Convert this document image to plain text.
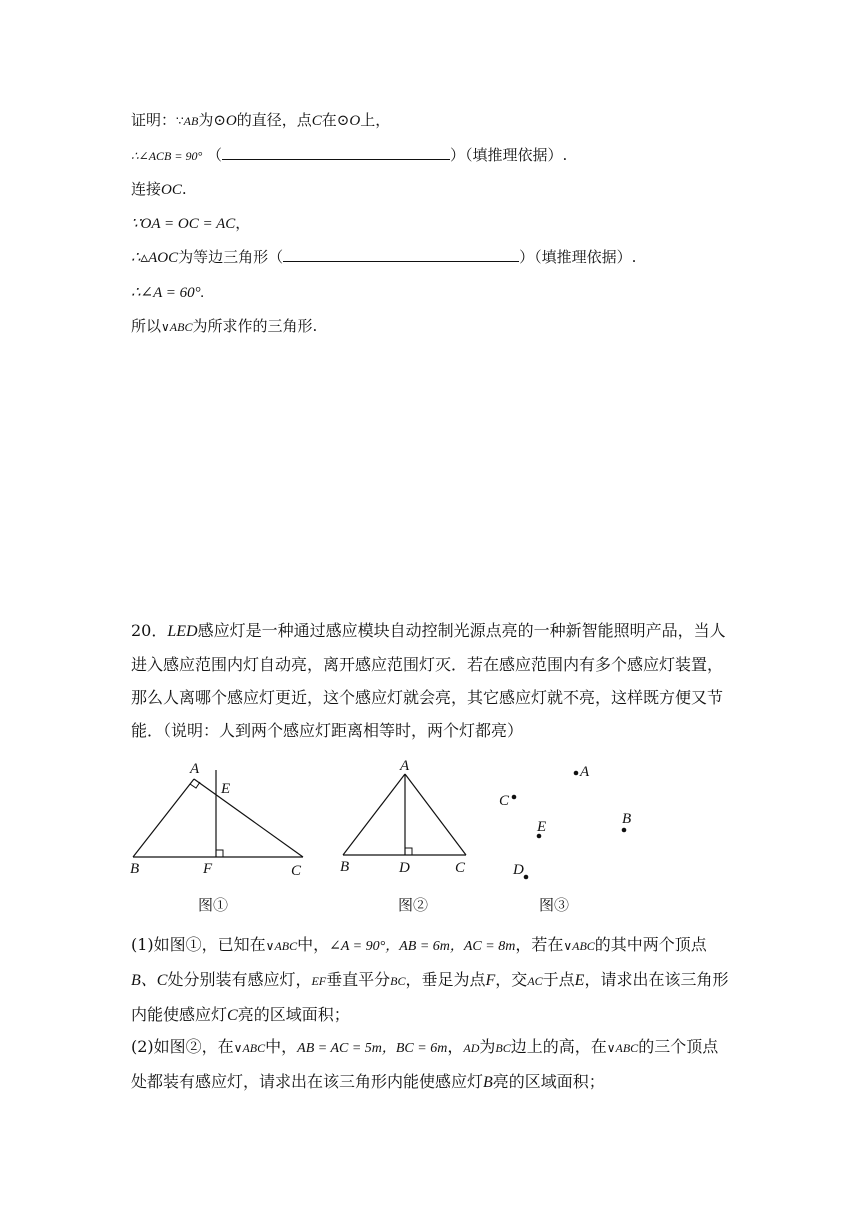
证明：∵AB为⊙O的直径，点C在⊙O上，
∴∠ACB = 90° （	）（填推理依据）.
连接OC.
∵OA = OC = AC，
∴▵AOC为等边三角形（	）（填推理依据）.
∴∠A = 60°.
所以∨ABC为所求作的三角形.
20．LED感应灯是一种通过感应模块自动控制光源点亮的一种新智能照明产品，当人进入感应范围内灯自动亮，离开感应范围灯灭．若在感应范围内有多个感应灯装置，那么人离哪个感应灯更近，这个感应灯就会亮，其它感应灯就不亮，这样既方便又节能．（说明：人到两个感应灯距离相等时，两个灯都亮）
A
E
B	F	C
A
B	D	C
A
C
E	B
D
图①	图②	图③
(1)如图①，已知在∨ABC中，∠A = 90°，AB = 6m，AC = 8m，若在∨ABC的其中两个顶点B、C处分别装有感应灯，EF垂直平分BC，垂足为点F，交AC于点E，请求出在该三角形内能使感应灯C亮的区域面积；
(2)如图②，在∨ABC中，AB = AC = 5m，BC = 6m，AD为BC边上的高，在∨ABC的三个顶点处都装有感应灯，请求出在该三角形内能使感应灯B亮的区域面积；
